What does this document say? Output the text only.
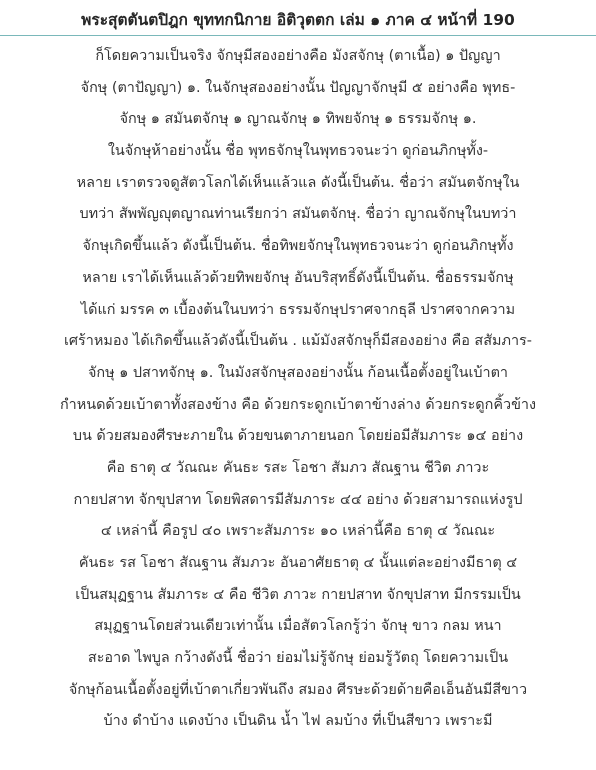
พระสุตตันตปิฎก ขุททกนิกาย อิติวุตตก เล่ม ๑ ภาค ๔ หน้าที่ 190
ก็โดยความเป็นจริง จักษุมีสองอย่างคือ มังสจักษุ (ตาเนื้อ) ๑ ปัญญา
จักษุ (ตาปัญญา) ๑. ในจักษุสองอย่างนั้น ปัญญาจักษุมี ๕ อย่างคือ พุทธ-
จักษุ ๑ สมันตจักษุ ๑ ญาณจักษุ ๑ ทิพยจักษุ ๑ ธรรมจักษุ ๑.
ในจักษุห้าอย่างนั้น ชื่อ พุทธจักษุในพุทธวจนะว่า ดูก่อนภิกษุทั้ง-
หลาย เราตรวจดูสัตวโลกได้เห็นแล้วแล ดังนี้เป็นต้น. ชื่อว่า สมันตจักษุใน
บทว่า สัพพัญญุตญาณท่านเรียกว่า สมันตจักษุ. ชื่อว่า ญาณจักษุในบทว่า
จักษุเกิดขึ้นแล้ว ดังนี้เป็นต้น. ชื่อทิพยจักษุในพุทธวจนะว่า ดูก่อนภิกษุทั้ง
หลาย เราได้เห็นแล้วด้วยทิพยจักษุ อันบริสุทธิ์ดังนี้เป็นต้น. ชื่อธรรมจักษุ
ได้แก่ มรรค ๓ เบื้องต้นในบทว่า ธรรมจักษุปราศจากธุลี ปราศจากความ
เศร้าหมอง ได้เกิดขึ้นแล้วดังนี้เป็นต้น . แม้มังสจักษุก็มีสองอย่าง คือ สสัมภาร-
จักษุ ๑ ปสาทจักษุ ๑. ในมังสจักษุสองอย่างนั้น ก้อนเนื้อตั้งอยู่ในเบ้าตา
กำหนดด้วยเบ้าตาทั้งสองข้าง คือ ด้วยกระดูกเบ้าตาข้างล่าง ด้วยกระดูกคิ้วข้าง
บน ด้วยสมองศีรษะภายใน ด้วยขนตาภายนอก โดยย่อมีสัมภาระ ๑๔ อย่าง
คือ ธาตุ ๔ วัณณะ คันธะ รสะ โอชา สัมภว สัณฐาน ชีวิต ภาวะ
กายปสาท จักขุปสาท โดยพิสดารมีสัมภาระ ๔๔ อย่าง ด้วยสามารถแห่งรูป
๔ เหล่านี้ คือรูป ๔๐ เพราะสัมภาระ ๑๐ เหล่านี้คือ ธาตุ ๔ วัณณะ
คันธะ รส โอชา สัณฐาน สัมภวะ อันอาศัยธาตุ ๔ นั้นแต่ละอย่างมีธาตุ ๔
เป็นสมุฏฐาน สัมภาระ ๔ คือ ชีวิต ภาวะ กายปสาท จักขุปสาท มีกรรมเป็น
สมุฏฐานโดยส่วนเดียวเท่านั้น เมื่อสัตวโลกรู้ว่า จักษุ ขาว กลม หนา
สะอาด ไพบูล กว้างดังนี้ ชื่อว่า ย่อมไม่รู้จักษุ ย่อมรู้วัตถุ โดยความเป็น
จักษุก้อนเนื้อตั้งอยู่ที่เบ้าตาเกี่ยวพันถึง สมอง ศีรษะด้วยด้ายคือเอ็นอันมีสีขาว
บ้าง ดำบ้าง แดงบ้าง เป็นดิน น้ำ ไฟ ลมบ้าง ที่เป็นสีขาว เพราะมี
